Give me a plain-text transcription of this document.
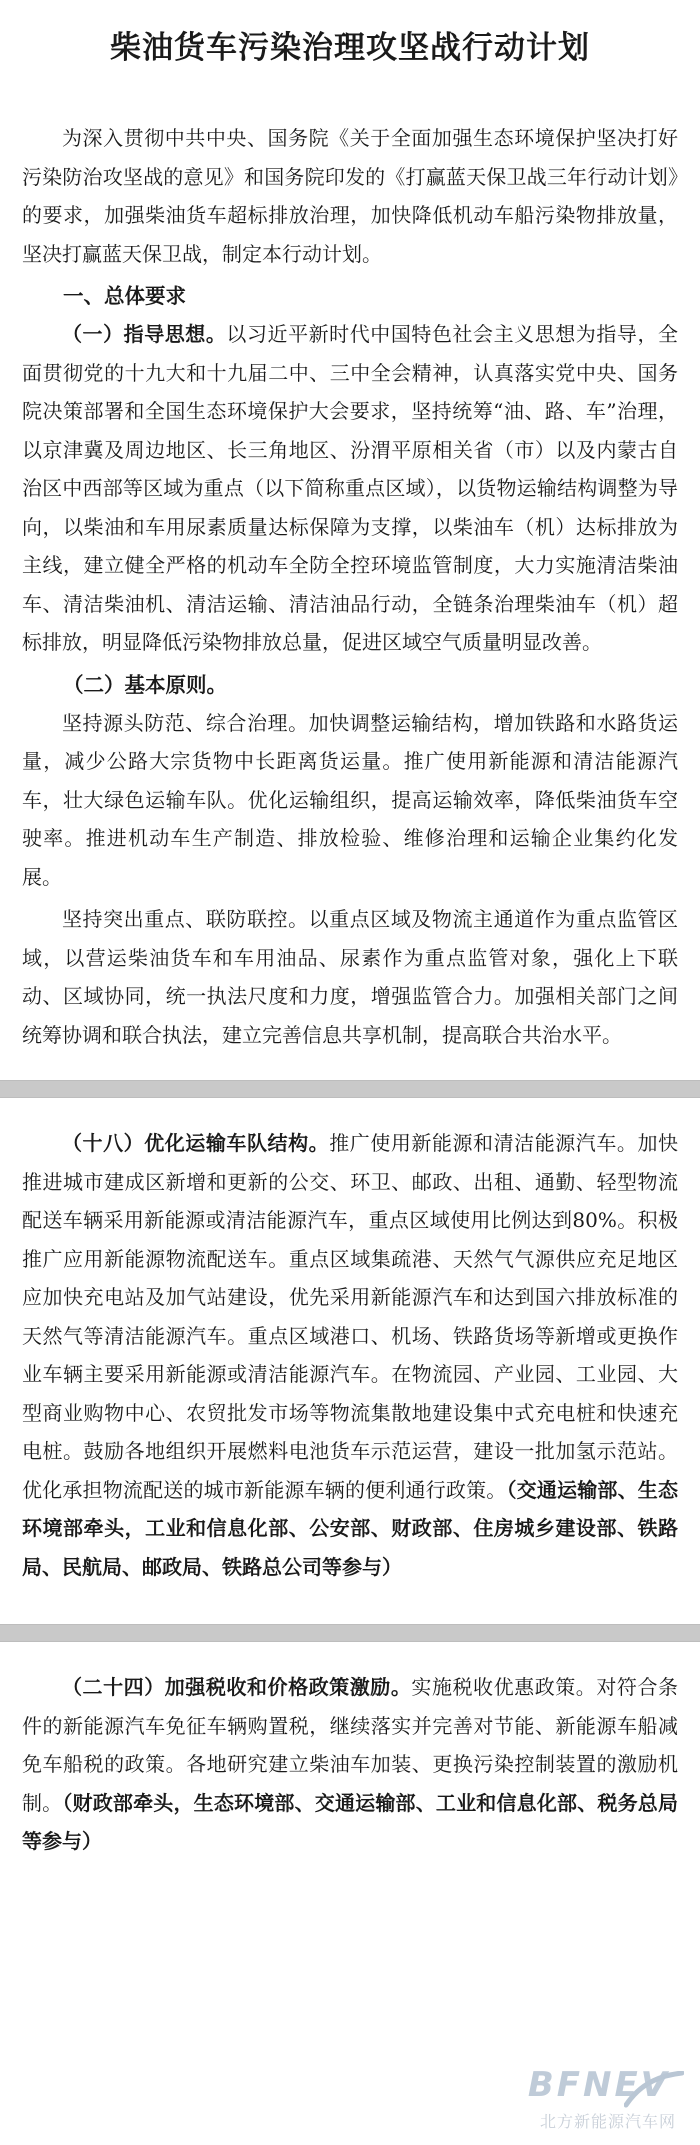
柴油货车污染治理攻坚战行动计划

为深入贯彻中共中央、国务院《关于全面加强生态环境保护坚决打好污染防治攻坚战的意见》和国务院印发的《打赢蓝天保卫战三年行动计划》的要求，加强柴油货车超标排放治理，加快降低机动车船污染物排放量，坚决打赢蓝天保卫战，制定本行动计划。

一、总体要求

（一）指导思想。以习近平新时代中国特色社会主义思想为指导，全面贯彻党的十九大和十九届二中、三中全会精神，认真落实党中央、国务院决策部署和全国生态环境保护大会要求，坚持统筹“油、路、车”治理，以京津冀及周边地区、长三角地区、汾渭平原相关省（市）以及内蒙古自治区中西部等区域为重点（以下简称重点区域），以货物运输结构调整为导向，以柴油和车用尿素质量达标保障为支撑，以柴油车（机）达标排放为主线，建立健全严格的机动车全防全控环境监管制度，大力实施清洁柴油车、清洁柴油机、清洁运输、清洁油品行动，全链条治理柴油车（机）超标排放，明显降低污染物排放总量，促进区域空气质量明显改善。

（二）基本原则。

坚持源头防范、综合治理。加快调整运输结构，增加铁路和水路货运量，减少公路大宗货物中长距离货运量。推广使用新能源和清洁能源汽车，壮大绿色运输车队。优化运输组织，提高运输效率，降低柴油货车空驶率。推进机动车生产制造、排放检验、维修治理和运输企业集约化发展。

坚持突出重点、联防联控。以重点区域及物流主通道作为重点监管区域，以营运柴油货车和车用油品、尿素作为重点监管对象，强化上下联动、区域协同，统一执法尺度和力度，增强监管合力。加强相关部门之间统筹协调和联合执法，建立完善信息共享机制，提高联合共治水平。

（十八）优化运输车队结构。推广使用新能源和清洁能源汽车。加快推进城市建成区新增和更新的公交、环卫、邮政、出租、通勤、轻型物流配送车辆采用新能源或清洁能源汽车，重点区域使用比例达到80%。积极推广应用新能源物流配送车。重点区域集疏港、天然气气源供应充足地区应加快充电站及加气站建设，优先采用新能源汽车和达到国六排放标准的天然气等清洁能源汽车。重点区域港口、机场、铁路货场等新增或更换作业车辆主要采用新能源或清洁能源汽车。在物流园、产业园、工业园、大型商业购物中心、农贸批发市场等物流集散地建设集中式充电桩和快速充电桩。鼓励各地组织开展燃料电池货车示范运营，建设一批加氢示范站。优化承担物流配送的城市新能源车辆的便利通行政策。（交通运输部、生态环境部牵头，工业和信息化部、公安部、财政部、住房城乡建设部、铁路局、民航局、邮政局、铁路总公司等参与）

（二十四）加强税收和价格政策激励。实施税收优惠政策。对符合条件的新能源汽车免征车辆购置税，继续落实并完善对节能、新能源车船减免车船税的政策。各地研究建立柴油车加装、更换污染控制装置的激励机制。（财政部牵头，生态环境部、交通运输部、工业和信息化部、税务总局等参与）

BFNEV
北方新能源汽车网
